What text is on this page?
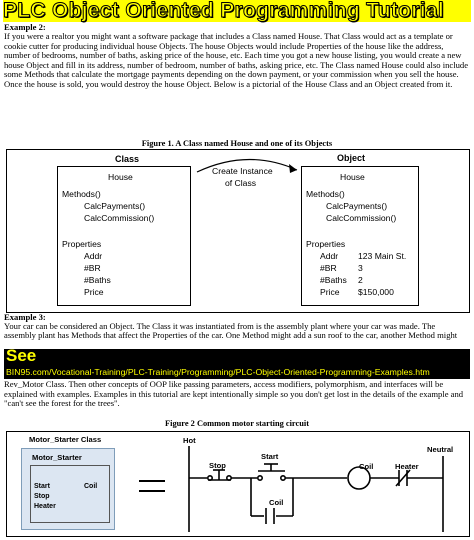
PLC Object Oriented Programming Tutorial
Example 2:
If you were a realtor you might want a software package that includes a Class named House. That Class would act as a template or cookie cutter for producing individual house Objects. The house Objects would include Properties of the house like the address, number of bedrooms, number of baths, asking price of the house, etc. Each time you got a new house listing, you would create a new house Object and fill in its address, number of bedroom, number of baths, asking price, etc. The Class named House could also include some Methods that calculate the mortgage payments depending on the down payment, or your commission when you sell the house. Once the house is sold, you would destroy the house Object. Below is a pictorial of the House Class and an Object created from it.
Figure 1. A Class named House and one of its Objects
Class	Object
House
Methods()
CalcPayments()
CalcCommission()
Properties
Addr
#BR
#Baths
Price
Create Instance
of Class
House
Methods()
CalcPayments()
CalcCommission()
Properties
Addr 123 Main St.
#BR 3
#Baths 2
Price $150,000
Example 3:
Your car can be considered an Object. The Class it was instantiated from is the assembly plant where your car was made. The
assembly plant has Methods that affect the Properties of the car. One Method might add a sun roof to the car, another Method might
See
BIN95.com/Vocational-Training/PLC-Training/Programming/PLC-Object-Oriented-Programming-Examples.htm
Rev_Motor Class. Then other concepts of OOP like passing parameters, access modifiers, polymorphism, and interfaces will be explained with examples. Examples in this tutorial are kept intentionally simple so you don't get lost in the details of the example and "can't see the forest for the trees".
Figure 2 Common motor starting circuit
Motor_Starter Class
Motor_Starter
Start
Stop
Heater
Coil
Hot
Neutral
Start
Stop	Coil	Heater
Coil
